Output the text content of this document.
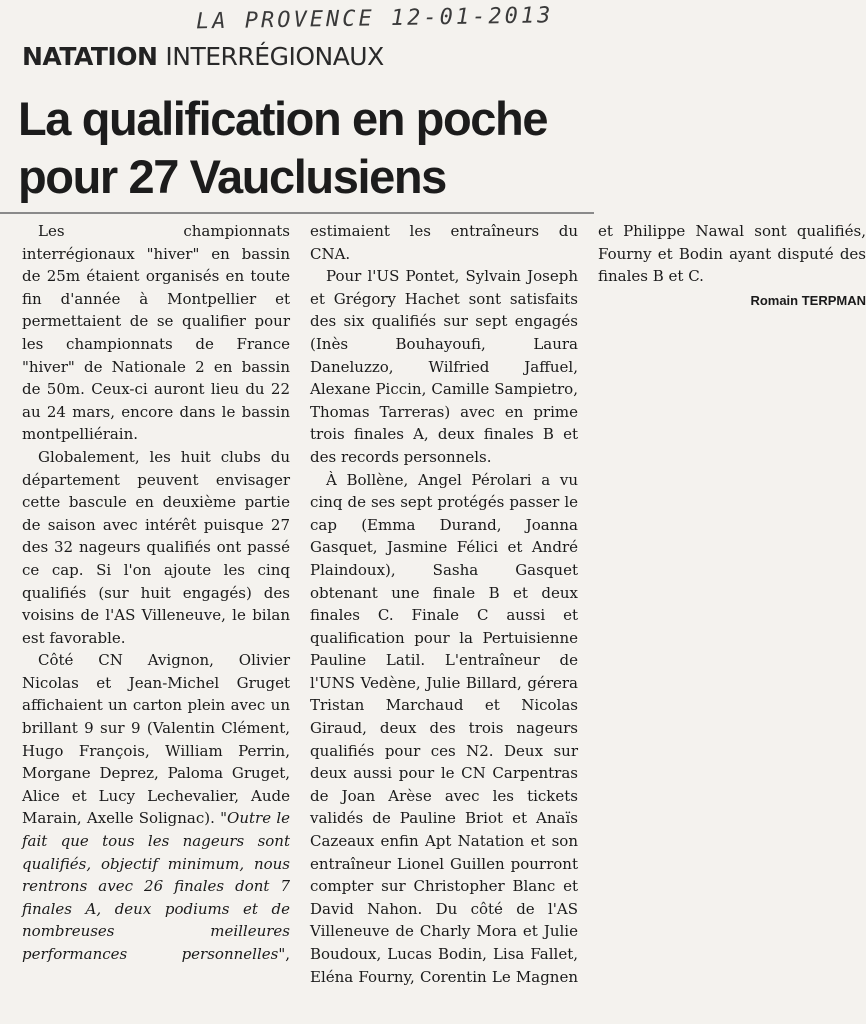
LA PROVENCE 12-01-2013
NATATION INTERRÉGIONAUX
La qualification en poche
pour 27 Vauclusiens

Les championnats interrégionaux "hiver" en bassin de 25m étaient organisés en toute fin d'année à Montpellier et permettaient de se qualifier pour les championnats de France "hiver" de Nationale 2 en bassin de 50m. Ceux-ci auront lieu du 22 au 24 mars, encore dans le bassin montpelliérain.

Globalement, les huit clubs du département peuvent envisager cette bascule en deuxième partie de saison avec intérêt puisque 27 des 32 nageurs qualifiés ont passé ce cap. Si l'on ajoute les cinq qualifiés (sur huit engagés) des voisins de l'AS Villeneuve, le bilan est favorable.

Côté CN Avignon, Olivier Nicolas et Jean-Michel Gruget affichaient un carton plein avec un brillant 9 sur 9 (Valentin Clément, Hugo François, William Perrin, Morgane Deprez, Paloma Gruget, Alice et Lucy Lechevalier, Aude Marain, Axelle Solignac). "Outre le fait que tous les nageurs sont qualifiés, objectif minimum, nous rentrons avec 26 finales dont 7 finales A, deux podiums et de nombreuses meilleures performances personnelles", estimaient les entraîneurs du CNA.

Pour l'US Pontet, Sylvain Joseph et Grégory Hachet sont satisfaits des six qualifiés sur sept engagés (Inès Bouhayoufi, Laura Daneluzzo, Wilfried Jaffuel, Alexane Piccin, Camille Sampietro, Thomas Tarreras) avec en prime trois finales A, deux finales B et des records personnels.

À Bollène, Angel Pérolari a vu cinq de ses sept protégés passer le cap (Emma Durand, Joanna Gasquet, Jasmine Félici et André Plaindoux), Sasha Gasquet obtenant une finale B et deux finales C. Finale C aussi et qualification pour la Pertuisienne Pauline Latil. L'entraîneur de l'UNS Vedène, Julie Billard, gérera Tristan Marchaud et Nicolas Giraud, deux des trois nageurs qualifiés pour ces N2. Deux sur deux aussi pour le CN Carpentras de Joan Arèse avec les tickets validés de Pauline Briot et Anaïs Cazeaux enfin Apt Natation et son entraîneur Lionel Guillen pourront compter sur Christopher Blanc et David Nahon. Du côté de l'AS Villeneuve de Charly Mora et Julie Boudoux, Lucas Bodin, Lisa Fallet, Eléna Fourny, Corentin Le Magnen et Philippe Nawal sont qualifiés, Fourny et Bodin ayant disputé des finales B et C.

Romain TERPMAN
